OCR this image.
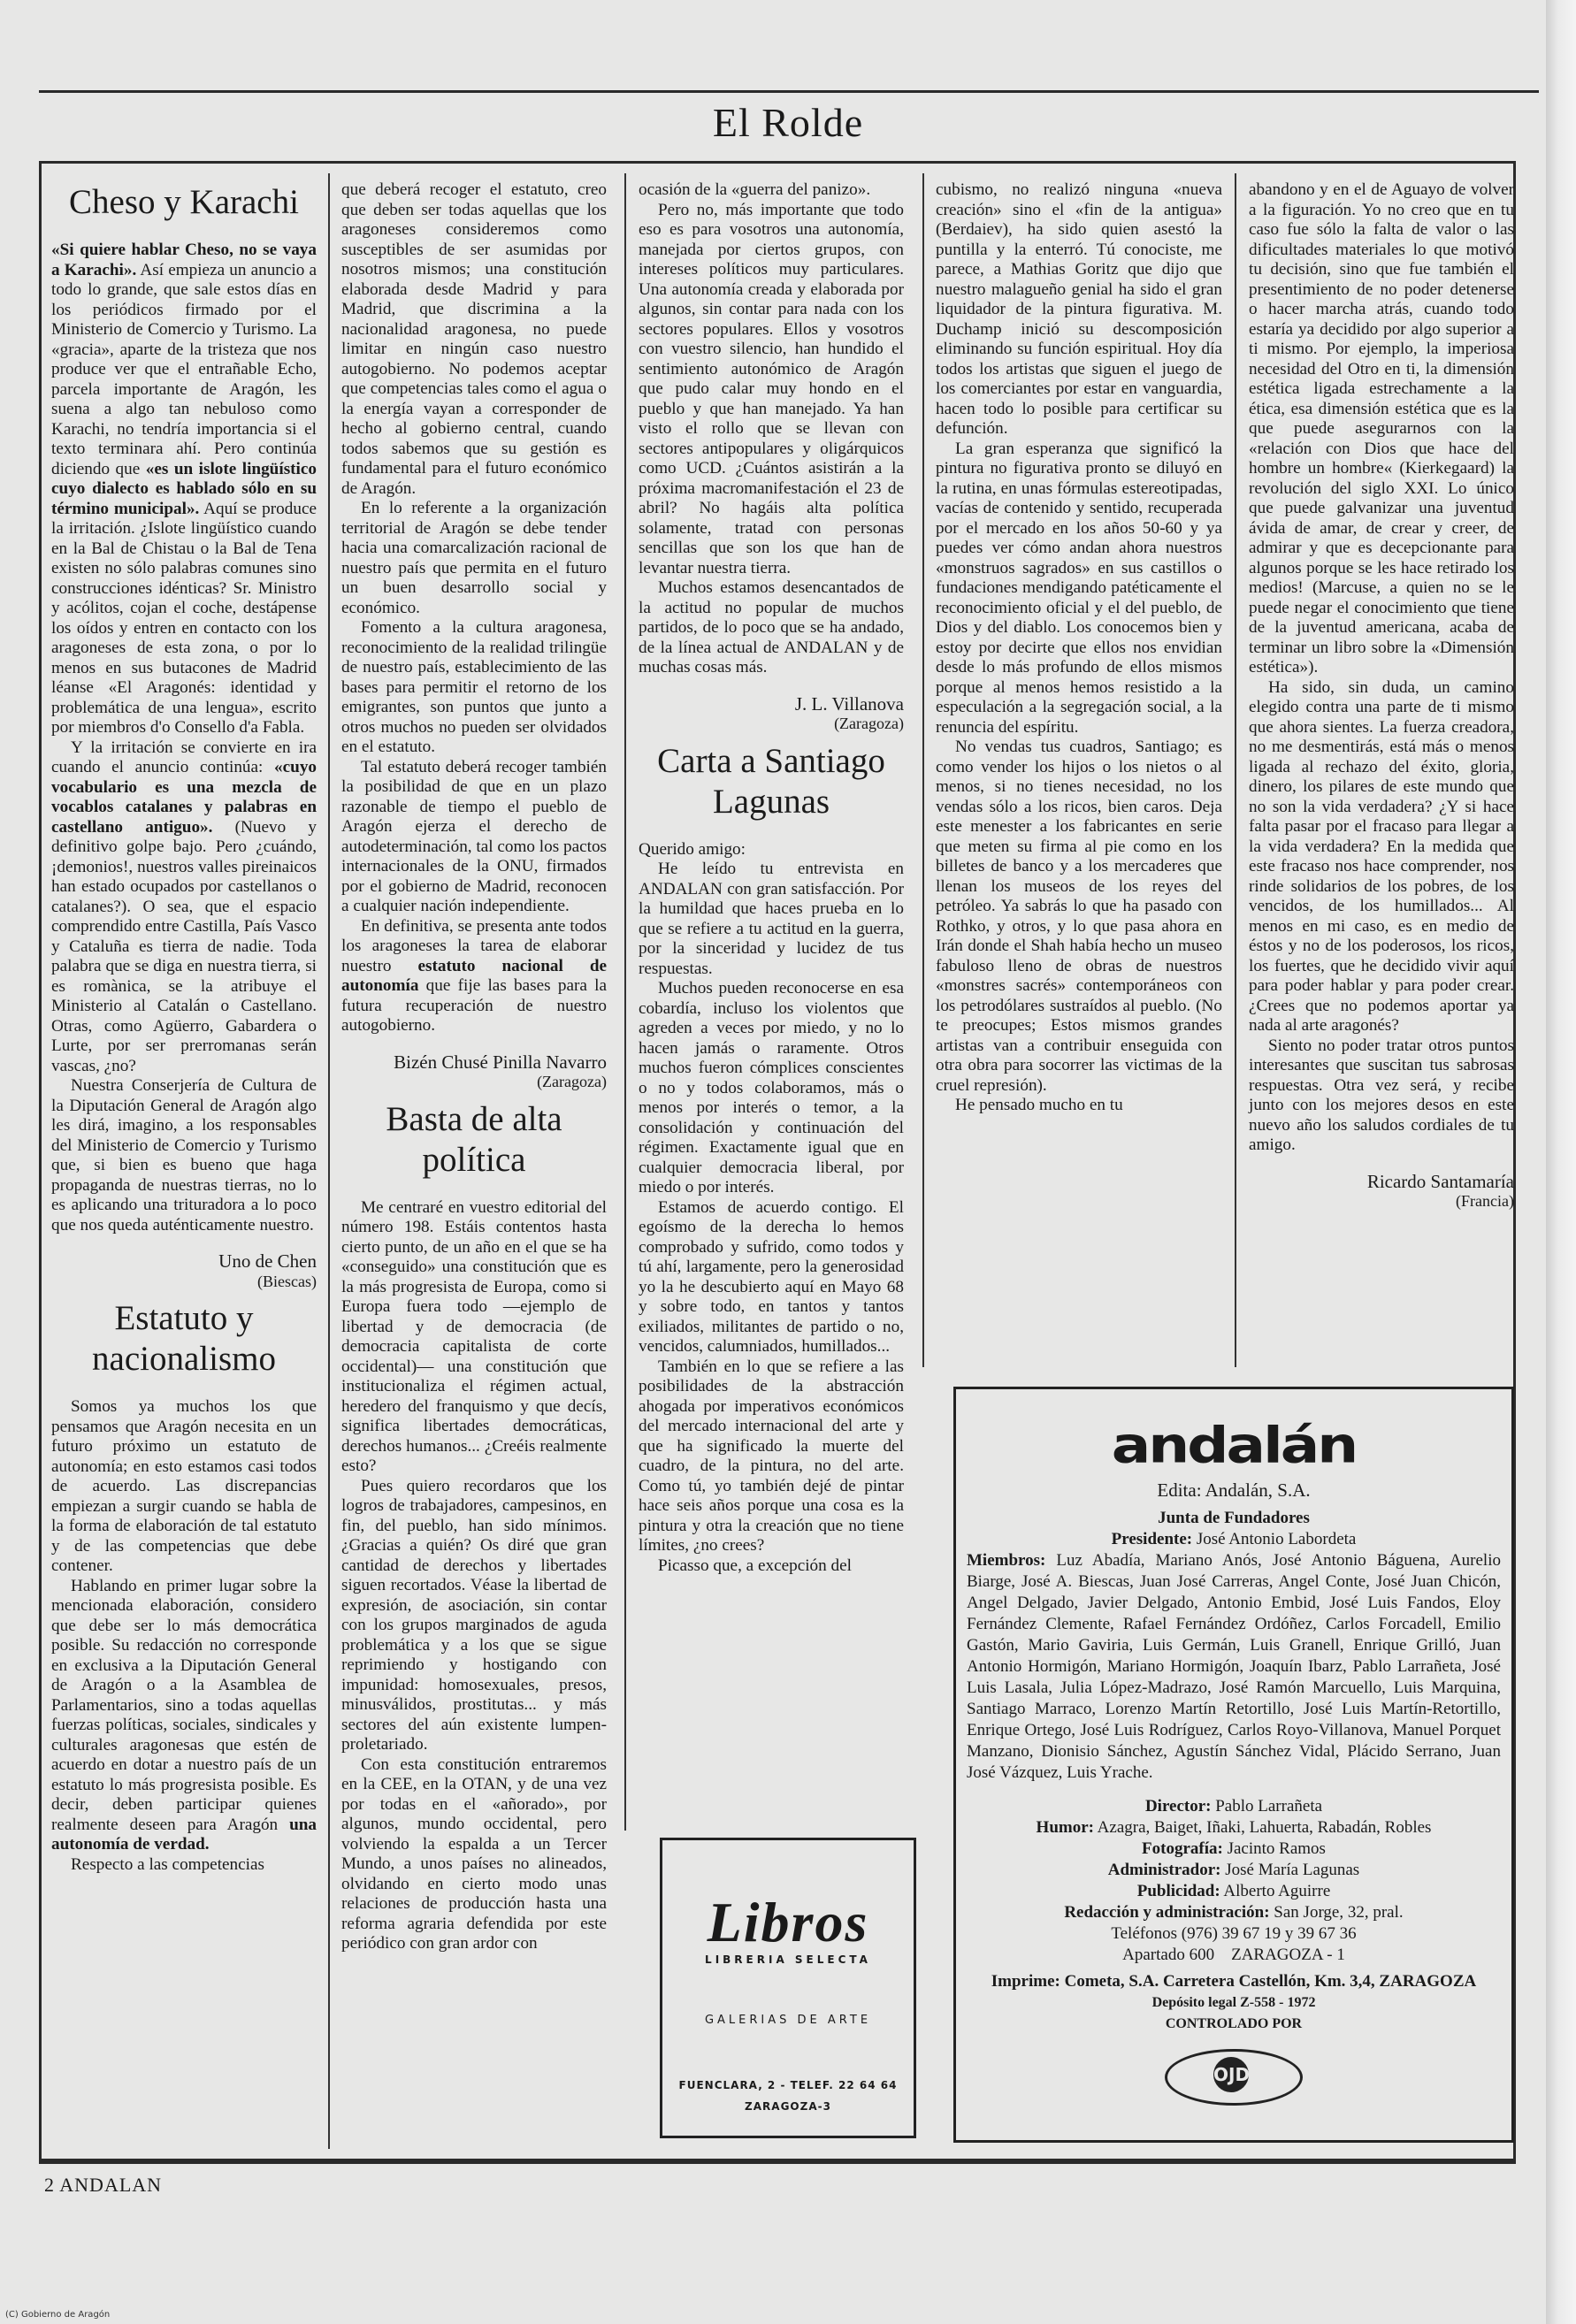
El Rolde
Cheso y Karachi

«Si quiere hablar Cheso, no se vaya a Karachi». Así empieza un anuncio a todo lo grande, que sale estos días en los periódicos firmado por el Ministerio de Comercio y Turismo. La «gracia», aparte de la tristeza que nos produce ver que el entrañable Echo, parcela importante de Aragón, les suena a algo tan nebuloso como Karachi, no tendría importancia si el texto terminara ahí. Pero continúa diciendo que «es un islote lingüístico cuyo dialecto es hablado sólo en su término municipal». Aquí se produce la irritación. ¿Islote lingüístico cuando en la Bal de Chistau o la Bal de Tena existen no sólo palabras comunes sino construcciones idénticas? Sr. Ministro y acólitos, cojan el coche, destápense los oídos y entren en contacto con los aragoneses de esta zona, o por lo menos en sus butacones de Madrid léanse «El Aragonés: identidad y problemática de una lengua», escrito por miembros d'o Consello d'a Fabla.

Y la irritación se convierte en ira cuando el anuncio continúa: «cuyo vocabulario es una mezcla de vocablos catalanes y palabras en castellano antiguo». (Nuevo y definitivo golpe bajo. Pero ¿cuándo, ¡demonios!, nuestros valles pireinaicos han estado ocupados por castellanos o catalanes?). O sea, que el espacio comprendido entre Castilla, País Vasco y Cataluña es tierra de nadie. Toda palabra que se diga en nuestra tierra, si es romànica, se la atribuye el Ministerio al Catalán o Castellano. Otras, como Agüerro, Gabardera o Lurte, por ser prerromanas serán vascas, ¿no?

Nuestra Conserjería de Cultura de la Diputación General de Aragón algo les dirá, imagino, a los responsables del Ministerio de Comercio y Turismo que, si bien es bueno que haga propaganda de nuestras tierras, no lo es aplicando una trituradora a lo poco que nos queda auténticamente nuestro.

Uno de Chen
(Biescas)
Estatuto y nacionalismo

Somos ya muchos los que pensamos que Aragón necesita en un futuro próximo un estatuto de autonomía; en esto estamos casi todos de acuerdo. Las discrepancias empiezan a surgir cuando se habla de la forma de elaboración de tal estatuto y de las competencias que debe contener.

Hablando en primer lugar sobre la mencionada elaboración, considero que debe ser lo más democrática posible. Su redacción no corresponde en exclusiva a la Diputación General de Aragón o a la Asamblea de Parlamentarios, sino a todas aquellas fuerzas políticas, sociales, sindicales y culturales aragonesas que estén de acuerdo en dotar a nuestro país de un estatuto lo más progresista posible. Es decir, deben participar quienes realmente deseen para Aragón una autonomía de verdad.

Respecto a las competencias

que deberá recoger el estatuto, creo que deben ser todas aquellas que los aragoneses consideremos como susceptibles de ser asumidas por nosotros mismos; una constitución elaborada desde Madrid y para Madrid, que discrimina a la nacionalidad aragonesa, no puede limitar en ningún caso nuestro autogobierno. No podemos aceptar que competencias tales como el agua o la energía vayan a corresponder de hecho al gobierno central, cuando todos sabemos que su gestión es fundamental para el futuro económico de Aragón.

En lo referente a la organización territorial de Aragón se debe tender hacia una comarcalización racional de nuestro país que permita en el futuro un buen desarrollo social y económico.

Fomento a la cultura aragonesa, reconocimiento de la realidad trilingüe de nuestro país, establecimiento de las bases para permitir el retorno de los emigrantes, son puntos que junto a otros muchos no pueden ser olvidados en el estatuto.

Tal estatuto deberá recoger también la posibilidad de que en un plazo razonable de tiempo el pueblo de Aragón ejerza el derecho de autodeterminación, tal como los pactos internacionales de la ONU, firmados por el gobierno de Madrid, reconocen a cualquier nación independiente.

En definitiva, se presenta ante todos los aragoneses la tarea de elaborar nuestro estatuto nacional de autonomía que fije las bases para la futura recuperación de nuestro autogobierno.

Bizén Chusé Pinilla Navarro
(Zaragoza)
Basta de alta política

Me centraré en vuestro editorial del número 198. Estáis contentos hasta cierto punto, de un año en el que se ha «conseguido» una constitución que es la más progresista de Europa, como si Europa fuera todo —ejemplo de libertad y de democracia (de democracia capitalista de corte occidental)— una constitución que institucionaliza el régimen actual, heredero del franquismo y que decís, significa libertades democráticas, derechos humanos... ¿Creéis realmente esto?

Pues quiero recordaros que los logros de trabajadores, campesinos, en fin, del pueblo, han sido mínimos. ¿Gracias a quién? Os diré que gran cantidad de derechos y libertades siguen recortados. Véase la libertad de expresión, de asociación, sin contar con los grupos marginados de aguda problemática y a los que se sigue reprimiendo y hostigando con impunidad: homosexuales, presos, minusválidos, prostitutas... y más sectores del aún existente lumpen-proletariado.

Con esta constitución entraremos en la CEE, en la OTAN, y de una vez por todas en el «añorado», por algunos, mundo occidental, pero volviendo la espalda a un Tercer Mundo, a unos países no alineados, olvidando en cierto modo unas relaciones de producción hasta una reforma agraria defendida por este periódico con gran ardor con

ocasión de la «guerra del panizo».

Pero no, más importante que todo eso es para vosotros una autonomía, manejada por ciertos grupos, con intereses políticos muy particulares. Una autonomía creada y elaborada por algunos, sin contar para nada con los sectores populares. Ellos y vosotros con vuestro silencio, han hundido el sentimiento autonómico de Aragón que pudo calar muy hondo en el pueblo y que han manejado. Ya han visto el rollo que se llevan con sectores antipopulares y oligárquicos como UCD. ¿Cuántos asistirán a la próxima macromanifestación el 23 de abril? No hagáis alta política solamente, tratad con personas sencillas que son los que han de levantar nuestra tierra.

Muchos estamos desencantados de la actitud no popular de muchos partidos, de lo poco que se ha andado, de la línea actual de ANDALAN y de muchas cosas más.

J. L. Villanova
(Zaragoza)
Carta a Santiago Lagunas

Querido amigo:

He leído tu entrevista en ANDALAN con gran satisfacción. Por la humildad que haces prueba en lo que se refiere a tu actitud en la guerra, por la sinceridad y lucidez de tus respuestas.

Muchos pueden reconocerse en esa cobardía, incluso los violentos que agreden a veces por miedo, y no lo hacen jamás o raramente. Otros muchos fueron cómplices conscientes o no y todos colaboramos, más o menos por interés o temor, a la consolidación y continuación del régimen. Exactamente igual que en cualquier democracia liberal, por miedo o por interés.

Estamos de acuerdo contigo. El egoísmo de la derecha lo hemos comprobado y sufrido, como todos y tú ahí, largamente, pero la generosidad yo la he descubierto aquí en Mayo 68 y sobre todo, en tantos y tantos exiliados, militantes de partido o no, vencidos, calumniados, humillados...

También en lo que se refiere a las posibilidades de la abstracción ahogada por imperativos económicos del mercado internacional del arte y que ha significado la muerte del cuadro, de la pintura, no del arte. Como tú, yo también dejé de pintar hace seis años porque una cosa es la pintura y otra la creación que no tiene límites, ¿no crees?

Picasso que, a excepción del

cubismo, no realizó ninguna «nueva creación» sino el «fin de la antigua» (Berdaiev), ha sido quien asestó la puntilla y la enterró. Tú conociste, me parece, a Mathias Goritz que dijo que nuestro malagueño genial ha sido el gran liquidador de la pintura figurativa. M. Duchamp inició su descomposición eliminando su función espiritual. Hoy día todos los artistas que siguen el juego de los comerciantes por estar en vanguardia, hacen todo lo posible para certificar su defunción.

La gran esperanza que significó la pintura no figurativa pronto se diluyó en la rutina, en unas fórmulas estereotipadas, vacías de contenido y sentido, recuperada por el mercado en los años 50-60 y ya puedes ver cómo andan ahora nuestros «monstruos sagrados» en sus castillos o fundaciones mendigando patéticamente el reconocimiento oficial y el del pueblo, de Dios y del diablo. Los conocemos bien y estoy por decirte que ellos nos envidian desde lo más profundo de ellos mismos porque al menos hemos resistido a la especulación a la segregación social, a la renuncia del espíritu.

No vendas tus cuadros, Santiago; es como vender los hijos o los nietos o al menos, si no tienes necesidad, no los vendas sólo a los ricos, bien caros. Deja este menester a los fabricantes en serie que meten su firma al pie como en los billetes de banco y a los mercaderes que llenan los museos de los reyes del petróleo. Ya sabrás lo que ha pasado con Rothko, y otros, y lo que pasa ahora en Irán donde el Shah había hecho un museo fabuloso lleno de obras de nuestros «monstres sacrés» contemporáneos con los petrodólares sustraídos al pueblo. (No te preocupes; Estos mismos grandes artistas van a contribuir enseguida con otra obra para socorrer las victimas de la cruel represión).

He pensado mucho en tu

abandono y en el de Aguayo de volver a la figuración. Yo no creo que en tu caso fue sólo la falta de valor o las dificultades materiales lo que motivó tu decisión, sino que fue también el presentimiento de no poder detenerse o hacer marcha atrás, cuando todo estaría ya decidido por algo superior a ti mismo. Por ejemplo, la imperiosa necesidad del Otro en ti, la dimensión estética ligada estrechamente a la ética, esa dimensión estética que es la que puede asegurarnos con la «relación con Dios que hace del hombre un hombre« (Kierkegaard) la revolución del siglo XXI. Lo único que puede galvanizar una juventud ávida de amar, de crear y creer, de admirar y que es decepcionante para algunos porque se les hace retirado los medios! (Marcuse, a quien no se le puede negar el conocimiento que tiene de la juventud americana, acaba de terminar un libro sobre la «Dimensión estética»).

Ha sido, sin duda, un camino elegido contra una parte de ti mismo que ahora sientes. La fuerza creadora, no me desmentirás, está más o menos ligada al rechazo del éxito, gloria, dinero, los pilares de este mundo que no son la vida verdadera? ¿Y si hace falta pasar por el fracaso para llegar a la vida verdadera? En la medida que este fracaso nos hace comprender, nos rinde solidarios de los pobres, de los vencidos, de los humillados... Al menos en mi caso, es en medio de éstos y no de los poderosos, los ricos, los fuertes, que he decidido vivir aquí para poder hablar y para poder crear. ¿Crees que no podemos aportar ya nada al arte aragonés?

Siento no poder tratar otros puntos interesantes que suscitan tus sabrosas respuestas. Otra vez será, y recibe junto con los mejores desos en este nuevo año los saludos cordiales de tu amigo.

Ricardo Santamaría
(Francia)
Libros
LIBRERIA SELECTA
GALERIAS DE ARTE
FUENCLARA, 2 - TELEF. 22 64 64
ZARAGOZA-3
andalán
Edita: Andalán, S.A.
Junta de Fundadores
Presidente: José Antonio Labordeta
Miembros: Luz Abadía, Mariano Anós, José Antonio Báguena, Aurelio Biarge, José A. Biescas, Juan José Carreras, Angel Conte, José Juan Chicón, Angel Delgado, Javier Delgado, Antonio Embid, José Luis Fandos, Eloy Fernández Clemente, Rafael Fernández Ordóñez, Carlos Forcadell, Emilio Gastón, Mario Gaviria, Luis Germán, Luis Granell, Enrique Grilló, Juan Antonio Hormigón, Mariano Hormigón, Joaquín Ibarz, Pablo Larrañeta, José Luis Lasala, Julia López-Madrazo, José Ramón Marcuello, Luis Marquina, Santiago Marraco, Lorenzo Martín Retortillo, José Luis Martín-Retortillo, Enrique Ortego, José Luis Rodríguez, Carlos Royo-Villanova, Manuel Porquet Manzano, Dionisio Sánchez, Agustín Sánchez Vidal, Plácido Serrano, Juan José Vázquez, Luis Yrache.
Director: Pablo Larrañeta
Humor: Azagra, Baiget, Iñaki, Lahuerta, Rabadán, Robles
Fotografía: Jacinto Ramos
Administrador: José María Lagunas
Publicidad: Alberto Aguirre
Redacción y administración: San Jorge, 32, pral.
Teléfonos (976) 39 67 19 y 39 67 36
Apartado 600    ZARAGOZA - 1
Imprime: Cometa, S.A. Carretera Castellón, Km. 3,4, ZARAGOZA
Depósito legal Z-558 - 1972
CONTROLADO POR
OJD
2 ANDALAN
(C) Gobierno de Aragón
